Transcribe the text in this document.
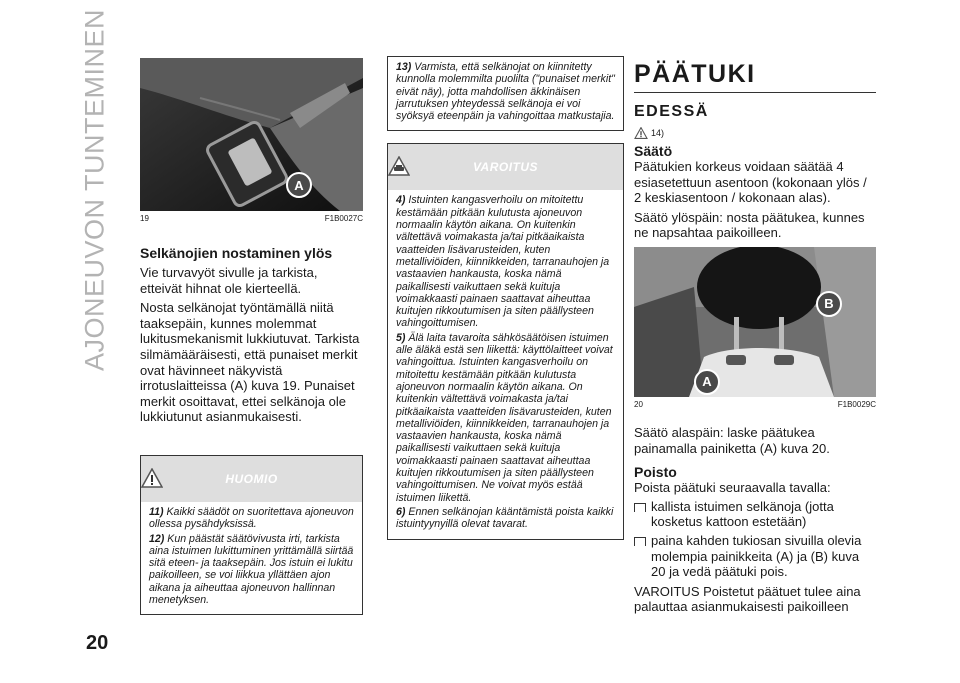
AJONEUVON TUNTEMINEN
20
A
19	F1B0027C
Selkänojien nostaminen ylös

Vie turvavyöt sivulle ja tarkista, etteivät hihnat ole kierteellä.

Nosta selkänojat työntämällä niitä taaksepäin, kunnes molemmat lukitusmekanismit lukkiutuvat. Tarkista silmämääräisesti, että punaiset merkit ovat hävinneet näkyvistä irrotuslaitteissa (A) kuva 19. Punaiset merkit osoittavat, ettei selkänoja ole lukkiutunut asianmukaisesti.

HUOMIO
11) Kaikki säädöt on suoritettava ajoneuvon ollessa pysähdyksissä.
12) Kun päästät säätövivusta irti, tarkista aina istuimen lukittuminen yrittämällä siirtää sitä eteen- ja taaksepäin. Jos istuin ei lukitu paikoilleen, se voi liikkua yllättäen ajon aikana ja aiheuttaa ajoneuvon hallinnan menetyksen.
13) Varmista, että selkänojat on kiinnitetty kunnolla molemmilta puolilta ("punaiset merkit" eivät näy), jotta mahdollisen äkkinäisen jarrutuksen yhteydessä selkänoja ei voi syöksyä eteenpäin ja vahingoittaa matkustajia.
VAROITUS
4) Istuinten kangasverhoilu on mitoitettu kestämään pitkään kulutusta ajoneuvon normaalin käytön aikana. On kuitenkin vältettävä voimakasta ja/tai pitkäaikaista vaatteiden lisävarusteiden, kuten metalliviöiden, kiinnikkeiden, tarranauhojen ja vastaavien hankausta, koska nämä paikallisesti vaikuttaen sekä kuituja voimakkaasti painaen saattavat aiheuttaa kuitujen rikkoutumisen ja siten päällysteen vahingoittumisen.
5) Älä laita tavaroita sähkösäätöisen istuimen alle äläkä estä sen liikettä: käyttölaitteet voivat vahingoittua. Istuinten kangasverhoilu on mitoitettu kestämään pitkään kulutusta ajoneuvon normaalin käytön aikana. On kuitenkin vältettävä voimakasta ja/tai pitkäaikaista vaatteiden lisävarusteiden, kuten metalliviöiden, kiinnikkeiden, tarranauhojen ja vastaavien hankausta, koska nämä paikallisesti vaikuttaen sekä kuituja voimakkaasti painaen saattavat aiheuttaa kuitujen rikkoutumisen ja siten päällysteen vahingoittumisen. Ne voivat myös estää istuimen liikettä.
6) Ennen selkänojan kääntämistä poista kaikki istuintyynyillä olevat tavarat.
PÄÄTUKI
EDESSÄ
14)
Säätö

Päätukien korkeus voidaan säätää 4 esiasetettuun asentoon (kokonaan ylös / 2 keskiasentoon / kokonaan alas).

Säätö ylöspäin: nosta päätukea, kunnes ne napsahtaa paikoilleen.

B
A
20	F1B0029C

Säätö alaspäin: laske päätukea painamalla painiketta (A) kuva 20.

Poisto

Poista päätuki seuraavalla tavalla:

kallista istuimen selkänoja (jotta kosketus kattoon estetään)
paina kahden tukiosan sivuilla olevia molempia painikkeita (A) ja (B) kuva 20 ja vedä päätuki pois.

VAROITUS Poistetut päätuet tulee aina palauttaa asianmukaisesti paikoilleen
